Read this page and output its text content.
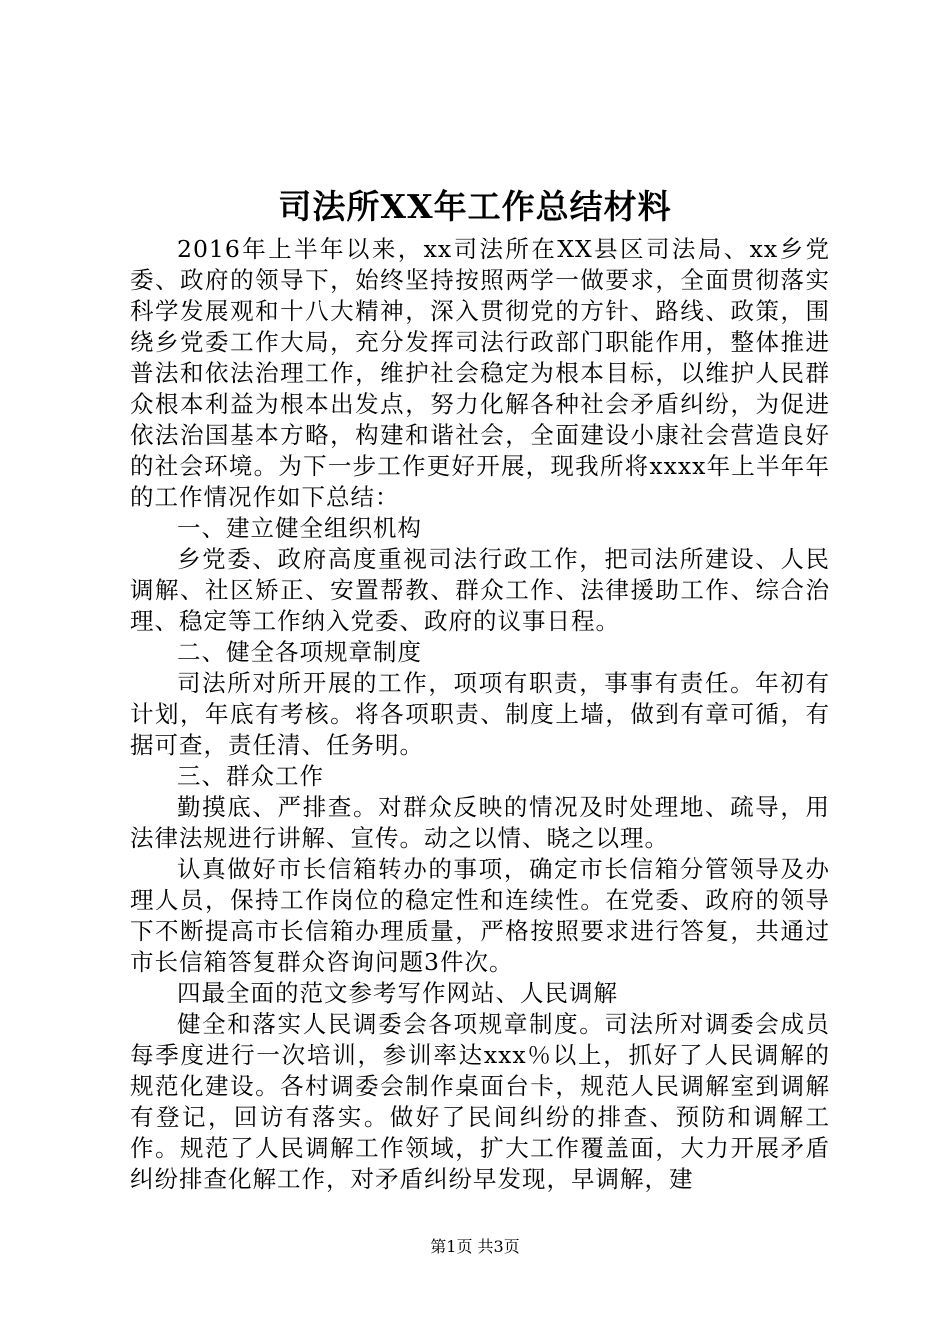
司法所XX年工作总结材料

2016年上半年以来，xx司法所在XX县区司法局、xx乡党委、政府的领导下，始终坚持按照两学一做要求，全面贯彻落实科学发展观和十八大精神，深入贯彻党的方针、路线、政策，围绕乡党委工作大局，充分发挥司法行政部门职能作用，整体推进普法和依法治理工作，维护社会稳定为根本目标，以维护人民群众根本利益为根本出发点，努力化解各种社会矛盾纠纷，为促进依法治国基本方略，构建和谐社会，全面建设小康社会营造良好的社会环境。为下一步工作更好开展，现我所将xxxx年上半年年的工作情况作如下总结：

一、建立健全组织机构

乡党委、政府高度重视司法行政工作，把司法所建设、人民调解、社区矫正、安置帮教、群众工作、法律援助工作、综合治理、稳定等工作纳入党委、政府的议事日程。

二、健全各项规章制度

司法所对所开展的工作，项项有职责，事事有责任。年初有计划，年底有考核。将各项职责、制度上墙，做到有章可循，有据可查，责任清、任务明。

三、群众工作

勤摸底、严排查。对群众反映的情况及时处理地、疏导，用法律法规进行讲解、宣传。动之以情、晓之以理。

认真做好市长信箱转办的事项，确定市长信箱分管领导及办理人员，保持工作岗位的稳定性和连续性。在党委、政府的领导下不断提高市长信箱办理质量，严格按照要求进行答复，共通过市长信箱答复群众咨询问题3件次。

四最全面的范文参考写作网站、人民调解

健全和落实人民调委会各项规章制度。司法所对调委会成员每季度进行一次培训，参训率达xxx％以上，抓好了人民调解的规范化建设。各村调委会制作桌面台卡，规范人民调解室到调解有登记，回访有落实。做好了民间纠纷的排查、预防和调解工作。规范了人民调解工作领域，扩大工作覆盖面，大力开展矛盾纠纷排查化解工作，对矛盾纠纷早发现，早调解，建

第1页 共3页
